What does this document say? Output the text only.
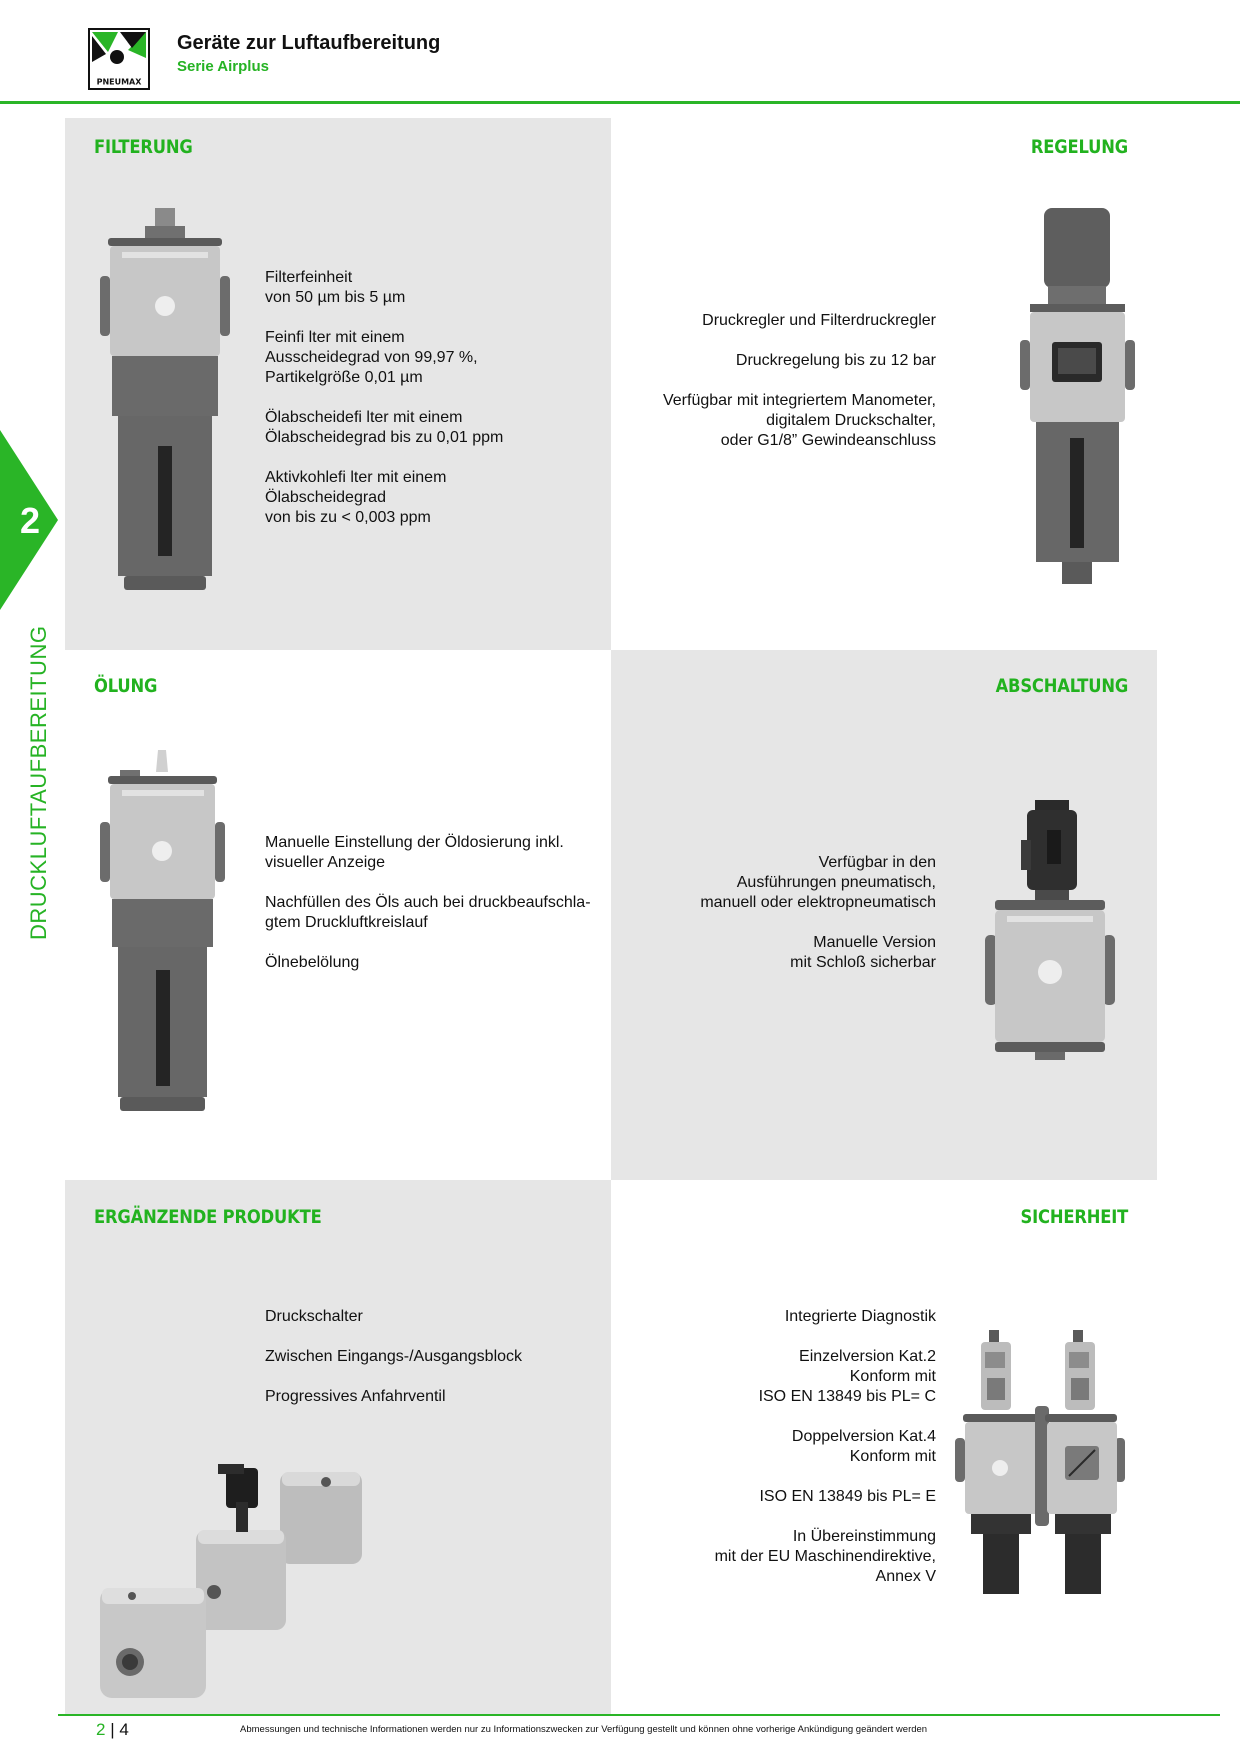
PNEUMAX
Geräte zur Luftaufbereitung
Serie Airplus
2
DRUCKLUFTAUFBEREITUNG
FILTERUNG	REGELUNG
ÖLUNG	ABSCHALTUNG
ERGÄNZENDE PRODUKTE	SICHERHEIT

Filterfeinheit
von 50 µm bis 5 µm

Feinfi lter mit einem
Ausscheidegrad von 99,97 %,
Partikelgröße 0,01 µm

Ölabscheidefi lter mit einem
Ölabscheidegrad bis zu 0,01 ppm

Aktivkohlefi lter mit einem
Ölabscheidegrad
von bis zu < 0,003 ppm

Druckregler und Filterdruckregler

Druckregelung bis zu 12 bar

Verfügbar mit integriertem Manometer,
digitalem Druckschalter,
oder G1/8” Gewindeanschluss

Manuelle Einstellung der Öldosierung inkl.
visueller Anzeige

Nachfüllen des Öls auch bei druckbeaufschla-
gtem Druckluftkreislauf

Ölnebelölung

Verfügbar in den
Ausführungen pneumatisch,
manuell oder elektropneumatisch

Manuelle Version
mit Schloß sicherbar

Druckschalter

Zwischen Eingangs-/Ausgangsblock

Progressives Anfahrventil

Integrierte Diagnostik

Einzelversion Kat.2
Konform mit
ISO EN 13849 bis PL= C

Doppelversion Kat.4
Konform mit

ISO EN 13849 bis PL= E

In Übereinstimmung
mit der EU Maschinendirektive,
Annex V

2 | 4	Abmessungen und technische Informationen werden nur zu Informationszwecken zur Verfügung gestellt und können ohne vorherige Ankündigung geändert werden
